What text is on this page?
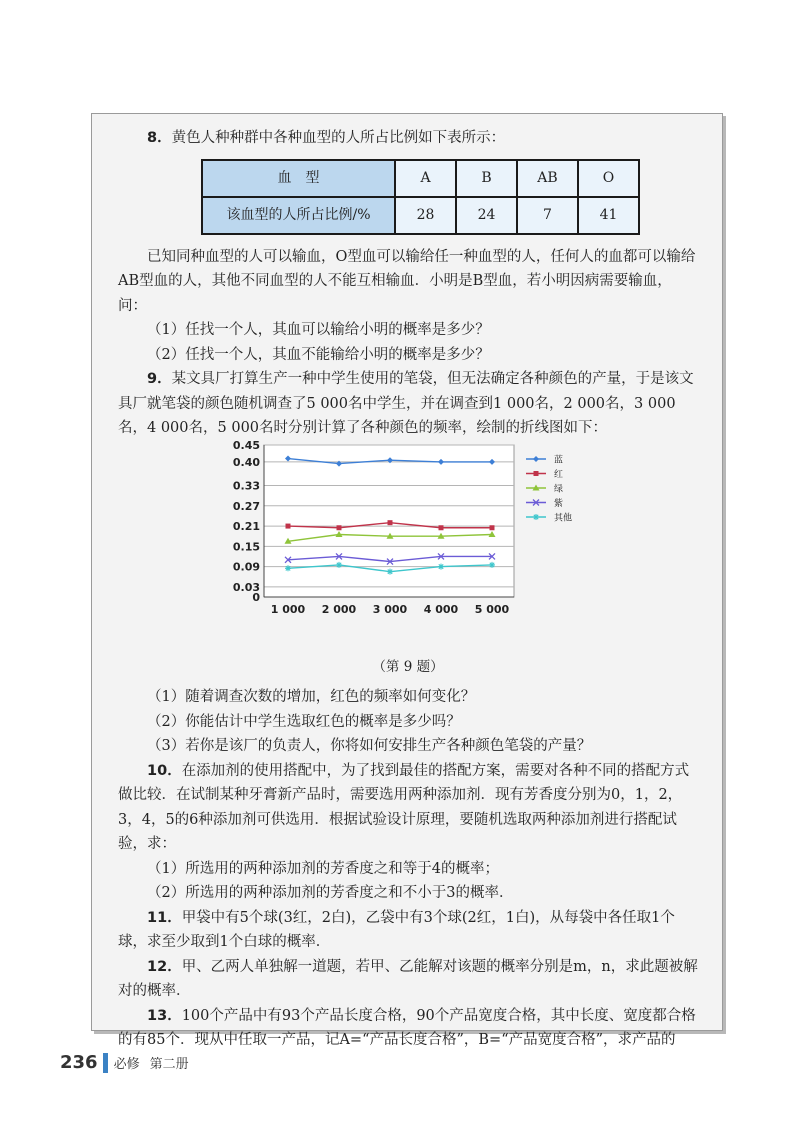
8．黄色人种种群中各种血型的人所占比例如下表所示：

血　型	A	B	AB	O
该血型的人所占比例/%	28	24	7	41

已知同种血型的人可以输血，O型血可以输给任一种血型的人，任何人的血都可以输给AB型血的人，其他不同血型的人不能互相输血．小明是B型血，若小明因病需要输血，问：

（1）任找一个人，其血可以输给小明的概率是多少？

（2）任找一个人，其血不能输给小明的概率是多少？

9．某文具厂打算生产一种中学生使用的笔袋，但无法确定各种颜色的产量，于是该文具厂就笔袋的颜色随机调查了5 000名中学生，并在调查到1 000名，2 000名，3 000名，4 000名，5 000名时分别计算了各种颜色的频率，绘制的折线图如下：

0
0.03
0.09
0.15
0.21
0.27
0.33
0.40
0.45
1 000 2 000 3 000 4 000 5 000
蓝
红
绿
紫
其他

（第 9 题）

（1）随着调查次数的增加，红色的频率如何变化？

（2）你能估计中学生选取红色的概率是多少吗？

（3）若你是该厂的负责人，你将如何安排生产各种颜色笔袋的产量？

10．在添加剂的使用搭配中，为了找到最佳的搭配方案，需要对各种不同的搭配方式做比较．在试制某种牙膏新产品时，需要选用两种添加剂．现有芳香度分别为0，1，2，3，4，5的6种添加剂可供选用．根据试验设计原理，要随机选取两种添加剂进行搭配试验，求：

（1）所选用的两种添加剂的芳香度之和等于4的概率；

（2）所选用的两种添加剂的芳香度之和不小于3的概率．

11．甲袋中有5个球(3红，2白)，乙袋中有3个球(2红，1白)，从每袋中各任取1个球，求至少取到1个白球的概率．

12．甲、乙两人单独解一道题，若甲、乙能解对该题的概率分别是m，n，求此题被解对的概率．

13．100个产品中有93个产品长度合格，90个产品宽度合格，其中长度、宽度都合格的有85个．现从中任取一产品，记A=“产品长度合格”，B=“产品宽度合格”，求产品的

236 必修 第二册
